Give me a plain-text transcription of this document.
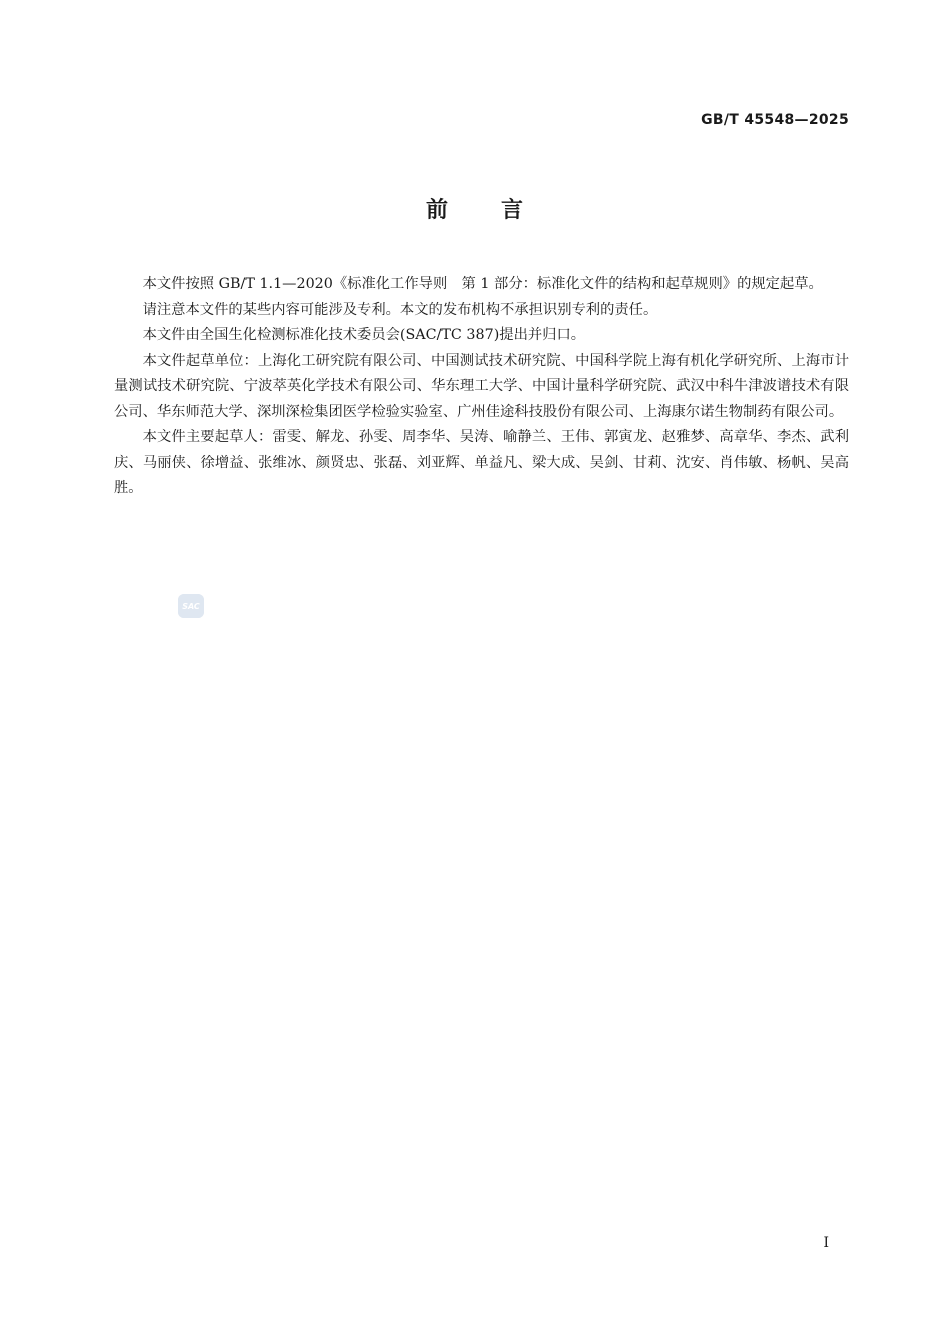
GB/T 45548—2025
前 言

本文件按照 GB/T 1.1—2020《标准化工作导则　第 1 部分：标准化文件的结构和起草规则》的规定起草。

请注意本文件的某些内容可能涉及专利。本文的发布机构不承担识别专利的责任。

本文件由全国生化检测标准化技术委员会(SAC/TC 387)提出并归口。

本文件起草单位：上海化工研究院有限公司、中国测试技术研究院、中国科学院上海有机化学研究所、上海市计量测试技术研究院、宁波萃英化学技术有限公司、华东理工大学、中国计量科学研究院、武汉中科牛津波谱技术有限公司、华东师范大学、深圳深检集团医学检验实验室、广州佳途科技股份有限公司、上海康尔诺生物制药有限公司。

本文件主要起草人：雷雯、解龙、孙雯、周李华、吴涛、喻静兰、王伟、郭寅龙、赵雅梦、高章华、李杰、武利庆、马丽侠、徐增益、张维冰、颜贤忠、张磊、刘亚辉、单益凡、梁大成、吴剑、甘莉、沈安、肖伟敏、杨帆、吴高胜。

SAC
I
